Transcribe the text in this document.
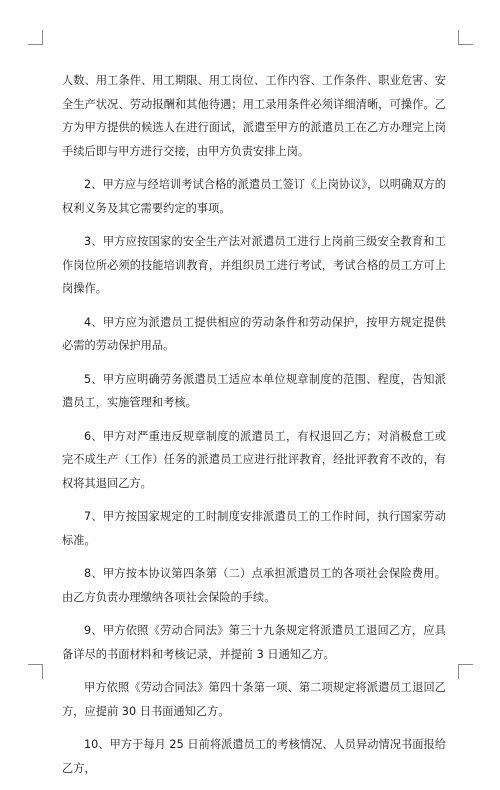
人数、用工条件、用工期限、用工岗位、工作内容、工作条件、职业危害、安全生产状况、劳动报酬和其他待遇；用工录用条件必须详细清晰，可操作。乙方为甲方提供的候选人在进行面试，派遣至甲方的派遣员工在乙方办理完上岗手续后即与甲方进行交接，由甲方负责安排上岗。

2、甲方应与经培训考试合格的派遣员工签订《上岗协议》，以明确双方的权利义务及其它需要约定的事项。

3、甲方应按国家的安全生产法对派遣员工进行上岗前三级安全教育和工作岗位所必须的技能培训教育，并组织员工进行考试，考试合格的员工方可上岗操作。

4、甲方应为派遣员工提供相应的劳动条件和劳动保护，按甲方规定提供必需的劳动保护用品。

5、甲方应明确劳务派遣员工适应本单位规章制度的范围、程度，告知派遣员工，实施管理和考核。

6、甲方对严重违反规章制度的派遣员工，有权退回乙方；对消极怠工或完不成生产（工作）任务的派遣员工应进行批评教育，经批评教育不改的，有权将其退回乙方。

7、甲方按国家规定的工时制度安排派遣员工的工作时间，执行国家劳动标准。

8、甲方按本协议第四条第（二）点承担派遣员工的各项社会保险费用。由乙方负责办理缴纳各项社会保险的手续。

9、甲方依照《劳动合同法》第三十九条规定将派遣员工退回乙方，应具备详尽的书面材料和考核记录，并提前 3 日通知乙方。

甲方依照《劳动合同法》第四十条第一项、第二项规定将派遣员工退回乙方，应提前 30 日书面通知乙方。

10、甲方于每月 25 日前将派遣员工的考核情况、人员异动情况书面报给乙方，
